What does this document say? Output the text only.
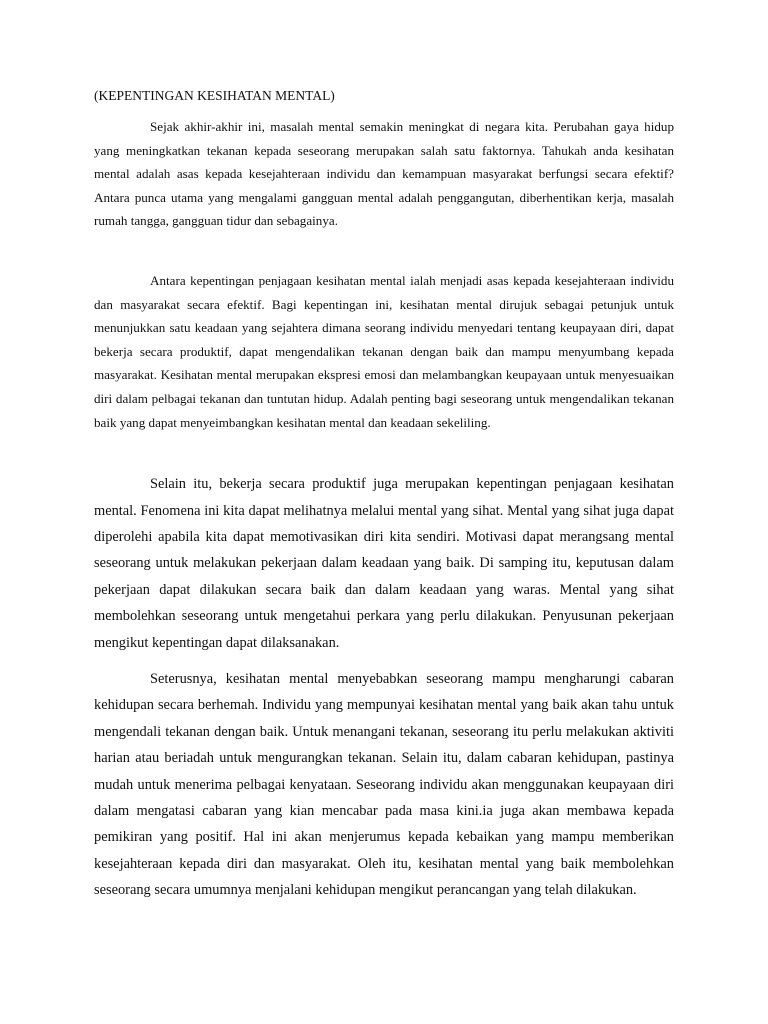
(KEPENTINGAN KESIHATAN MENTAL)

Sejak akhir-akhir ini, masalah mental semakin meningkat di negara kita. Perubahan gaya hidup yang meningkatkan tekanan kepada seseorang merupakan salah satu faktornya. Tahukah anda kesihatan mental adalah asas kepada kesejahteraan individu dan kemampuan masyarakat berfungsi secara efektif? Antara punca utama yang mengalami gangguan mental adalah penggangutan, diberhentikan kerja, masalah rumah tangga, gangguan tidur dan sebagainya.

Antara kepentingan penjagaan kesihatan mental ialah menjadi asas kepada kesejahteraan individu dan masyarakat secara efektif. Bagi kepentingan ini, kesihatan mental dirujuk sebagai petunjuk untuk menunjukkan satu keadaan yang sejahtera dimana seorang individu menyedari tentang keupayaan diri, dapat bekerja secara produktif, dapat mengendalikan tekanan dengan baik dan mampu menyumbang kepada masyarakat. Kesihatan mental merupakan ekspresi emosi dan melambangkan keupayaan untuk menyesuaikan diri dalam pelbagai tekanan dan tuntutan hidup. Adalah penting bagi seseorang untuk mengendalikan tekanan baik yang dapat menyeimbangkan kesihatan mental dan keadaan sekeliling.

Selain itu, bekerja secara produktif juga merupakan kepentingan penjagaan kesihatan mental. Fenomena ini kita dapat melihatnya melalui mental yang sihat. Mental yang sihat juga dapat diperolehi apabila kita dapat memotivasikan diri kita sendiri. Motivasi dapat merangsang mental seseorang untuk melakukan pekerjaan dalam keadaan yang baik. Di samping itu, keputusan dalam pekerjaan dapat dilakukan secara baik dan dalam keadaan yang waras. Mental yang sihat membolehkan seseorang untuk mengetahui perkara yang perlu dilakukan. Penyusunan pekerjaan mengikut kepentingan dapat dilaksanakan.

Seterusnya, kesihatan mental menyebabkan seseorang mampu mengharungi cabaran kehidupan secara berhemah. Individu yang mempunyai kesihatan mental yang baik akan tahu untuk mengendali tekanan dengan baik. Untuk menangani tekanan, seseorang itu perlu melakukan aktiviti harian atau beriadah untuk mengurangkan tekanan. Selain itu, dalam cabaran kehidupan, pastinya mudah untuk menerima pelbagai kenyataan. Seseorang individu akan menggunakan keupayaan diri dalam mengatasi cabaran yang kian mencabar pada masa kini.ia juga akan membawa kepada pemikiran yang positif. Hal ini akan menjerumus kepada kebaikan yang mampu memberikan kesejahteraan kepada diri dan masyarakat. Oleh itu, kesihatan mental yang baik membolehkan seseorang secara umumnya menjalani kehidupan mengikut perancangan yang telah dilakukan.
